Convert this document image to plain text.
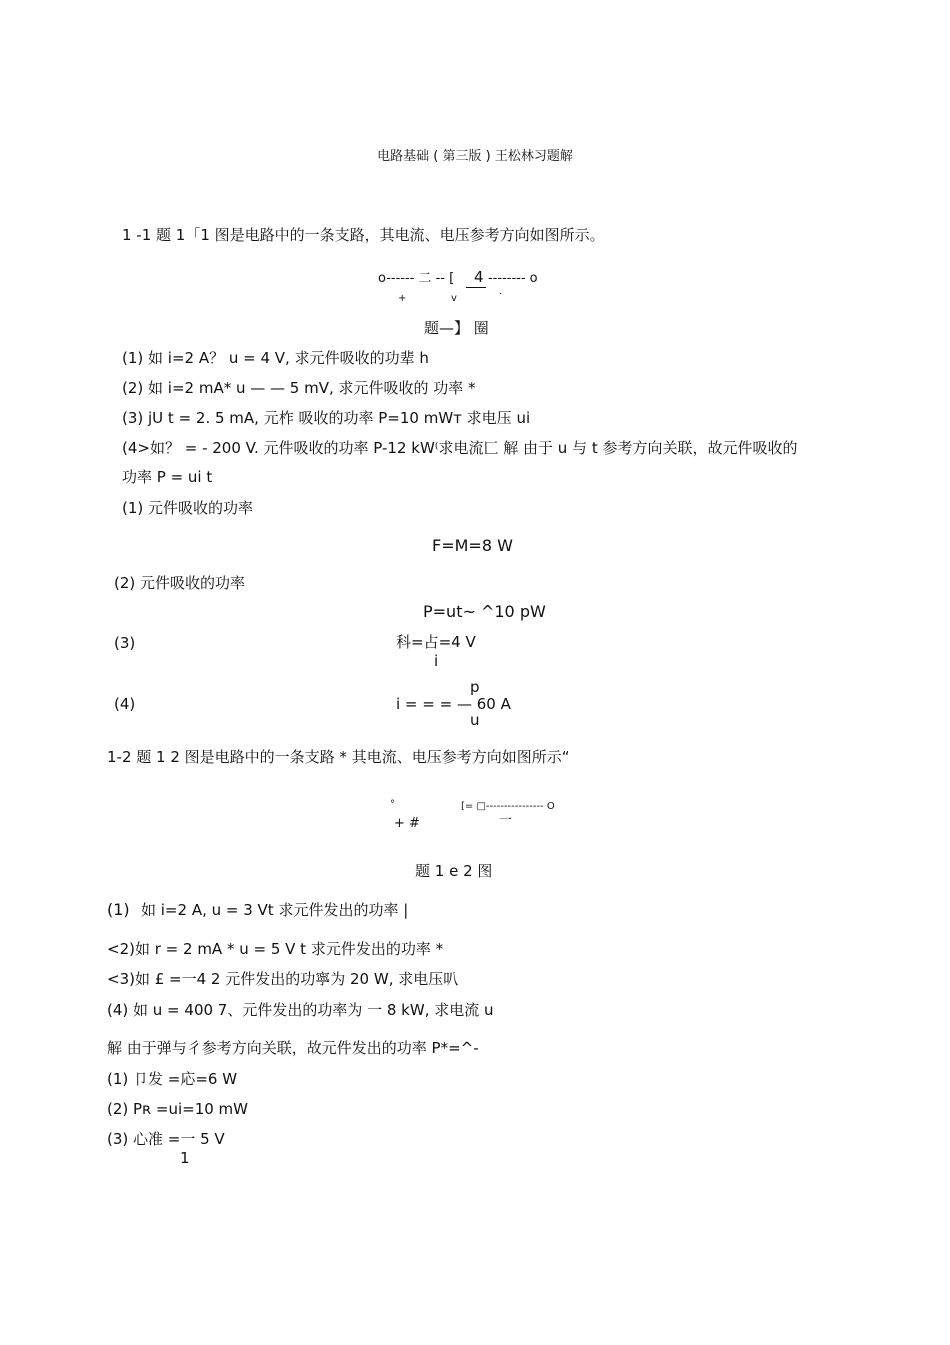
电路基础 ( 第三版 ) 王松林习题解
1 -1 题 1「1 图是电路中的一条支路，其电流、电压参考方向如图所示。
o------ 二 -- [ 4 -------- o
+	v	·
题—】 圈
(1) 如 i=2 A？ u = 4 V, 求元件吸收的功辈 h
(2) 如 i=2 mA* u — — 5 mV, 求元件吸收的 功率 *
(3) jU t = 2. 5 mA, 元柞 吸收的功率 P=10 mWт 求电压 ui
(4>如？ = - 200 V. 元件吸收的功率 P-12 kW⁽求电流匚 解 由于 u 与 t 参考方向关联，故元件吸收的
功率 P = ui t
(1) 元件吸收的功率
F=M=8 W
(2) 元件吸收的功率
P=ut~ ^10 pW
(3)	科=占=4 V
i
p
(4)	i = = = — 60 A
u
1-2 题 1 2 图是电路中的一条支路 * 其电流、电压参考方向如图所示“
°	[= □---------------- O
+ #	一
题 1 e 2 图
(1) 如 i=2 A, u = 3 Vt 求元件发出的功率 |
<2)如 r = 2 mA * u = 5 V t 求元件发出的功率 *
<3)如 £ =一4 2 元件发出的功寧为 20 W, 求电压叭
(4) 如 u = 400 7、元件发出的功率为 一 8 kW, 求电流 u
解 由于弹与彳参考方向关联，故元件发出的功率 P*=^-
(1) 卩发 =応=6 W
(2) Pʀ =ui=10 mW
(3) 心准 =一 5 V
1
